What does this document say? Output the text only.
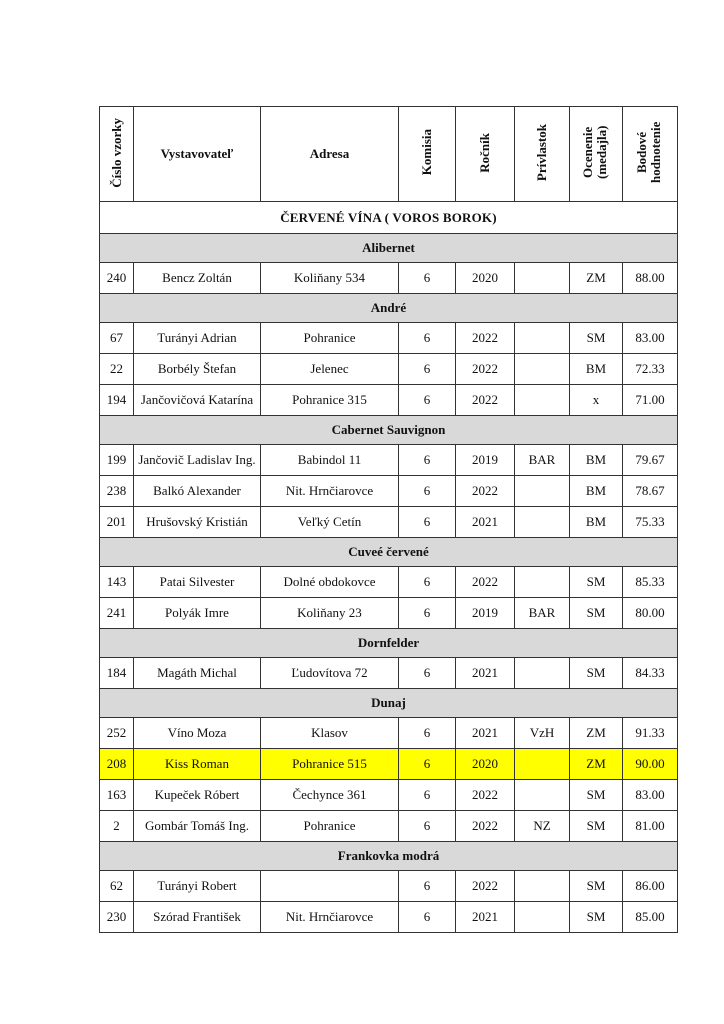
Číslo vzorky	Vystavovateľ	Adresa	Komisia	Ročník	Prívlastok	Ocenenie (medajla)	Bodové hodnotenie
ČERVENÉ VÍNA ( VOROS BOROK)							
Alibernet							
240	Bencz Zoltán	Koliňany 534	6	2020		ZM	88.00
André							
67	Turányi Adrian	Pohranice	6	2022		SM	83.00
22	Borbély Štefan	Jelenec	6	2022		BM	72.33
194	Jančovičová Katarína	Pohranice 315	6	2022		x	71.00
Cabernet Sauvignon							
199	Jančovič Ladislav Ing.	Babindol 11	6	2019	BAR	BM	79.67
238	Balkó Alexander	Nit. Hrnčiarovce	6	2022		BM	78.67
201	Hrušovský Kristián	Veľký Cetín	6	2021		BM	75.33
Cuveé červené							
143	Patai Silvester	Dolné obdokovce	6	2022		SM	85.33
241	Polyák Imre	Koliňany 23	6	2019	BAR	SM	80.00
Dornfelder							
184	Magáth Michal	Ľudovítova 72	6	2021		SM	84.33
Dunaj							
252	Víno Moza	Klasov	6	2021	VzH	ZM	91.33
208	Kiss Roman	Pohranice 515	6	2020		ZM	90.00
163	Kupeček Róbert	Čechynce 361	6	2022		SM	83.00
2	Gombár Tomáš Ing.	Pohranice	6	2022	NZ	SM	81.00
Frankovka modrá							
62	Turányi Robert		6	2022		SM	86.00
230	Szórad František	Nit. Hrnčiarovce	6	2021		SM	85.00
